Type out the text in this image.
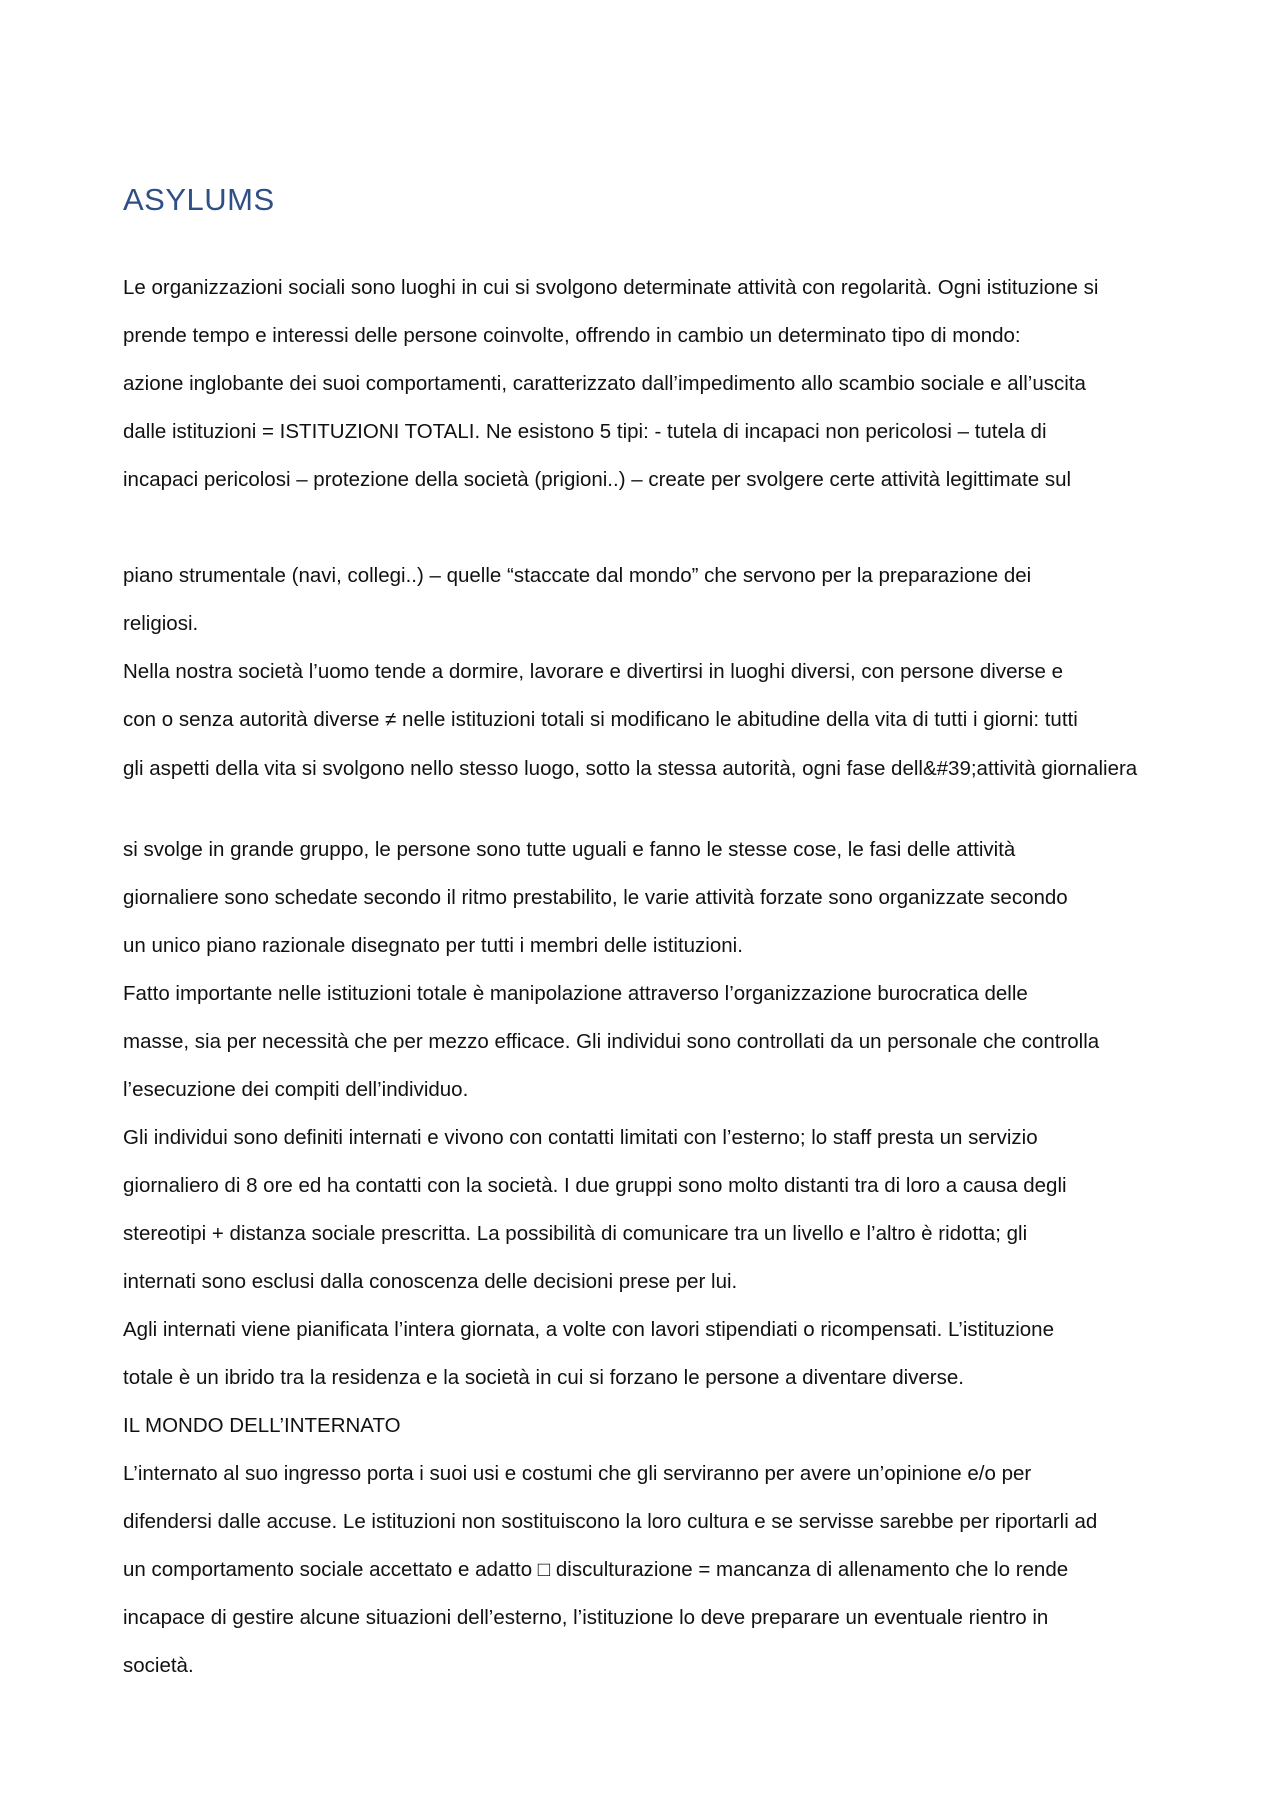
ASYLUMS

Le organizzazioni sociali sono luoghi in cui si svolgono determinate attività con regolarità. Ogni istituzione si

prende tempo e interessi delle persone coinvolte, offrendo in cambio un determinato tipo di mondo:

azione inglobante dei suoi comportamenti, caratterizzato dall’impedimento allo scambio sociale e all’uscita

dalle istituzioni = ISTITUZIONI TOTALI. Ne esistono 5 tipi: - tutela di incapaci non pericolosi – tutela di

incapaci pericolosi – protezione della società (prigioni..) – create per svolgere certe attività legittimate sul

piano strumentale (navi, collegi..) – quelle “staccate dal mondo” che servono per la preparazione dei

religiosi.

Nella nostra società l’uomo tende a dormire, lavorare e divertirsi in luoghi diversi, con persone diverse e

con o senza autorità diverse ≠ nelle istituzioni totali si modificano le abitudine della vita di tutti i giorni: tutti

gli aspetti della vita si svolgono nello stesso luogo, sotto la stessa autorità, ogni fase dell&#39;attività giornaliera

si svolge in grande gruppo, le persone sono tutte uguali e fanno le stesse cose, le fasi delle attività

giornaliere sono schedate secondo il ritmo prestabilito, le varie attività forzate sono organizzate secondo

un unico piano razionale disegnato per tutti i membri delle istituzioni.

Fatto importante nelle istituzioni totale è manipolazione attraverso l’organizzazione burocratica delle

masse, sia per necessità che per mezzo efficace. Gli individui sono controllati da un personale che controlla

l’esecuzione dei compiti dell’individuo.

Gli individui sono definiti internati e vivono con contatti limitati con l’esterno; lo staff presta un servizio

giornaliero di 8 ore ed ha contatti con la società. I due gruppi sono molto distanti tra di loro a causa degli

stereotipi + distanza sociale prescritta. La possibilità di comunicare tra un livello e l’altro è ridotta; gli

internati sono esclusi dalla conoscenza delle decisioni prese per lui.

Agli internati viene pianificata l’intera giornata, a volte con lavori stipendiati o ricompensati. L’istituzione

totale è un ibrido tra la residenza e la società in cui si forzano le persone a diventare diverse.

IL MONDO DELL’INTERNATO

L’internato al suo ingresso porta i suoi usi e costumi che gli serviranno per avere un’opinione e/o per

difendersi dalle accuse. Le istituzioni non sostituiscono la loro cultura e se servisse sarebbe per riportarli ad

un comportamento sociale accettato e adatto □ disculturazione = mancanza di allenamento che lo rende

incapace di gestire alcune situazioni dell’esterno, l’istituzione lo deve preparare un eventuale rientro in

società.
